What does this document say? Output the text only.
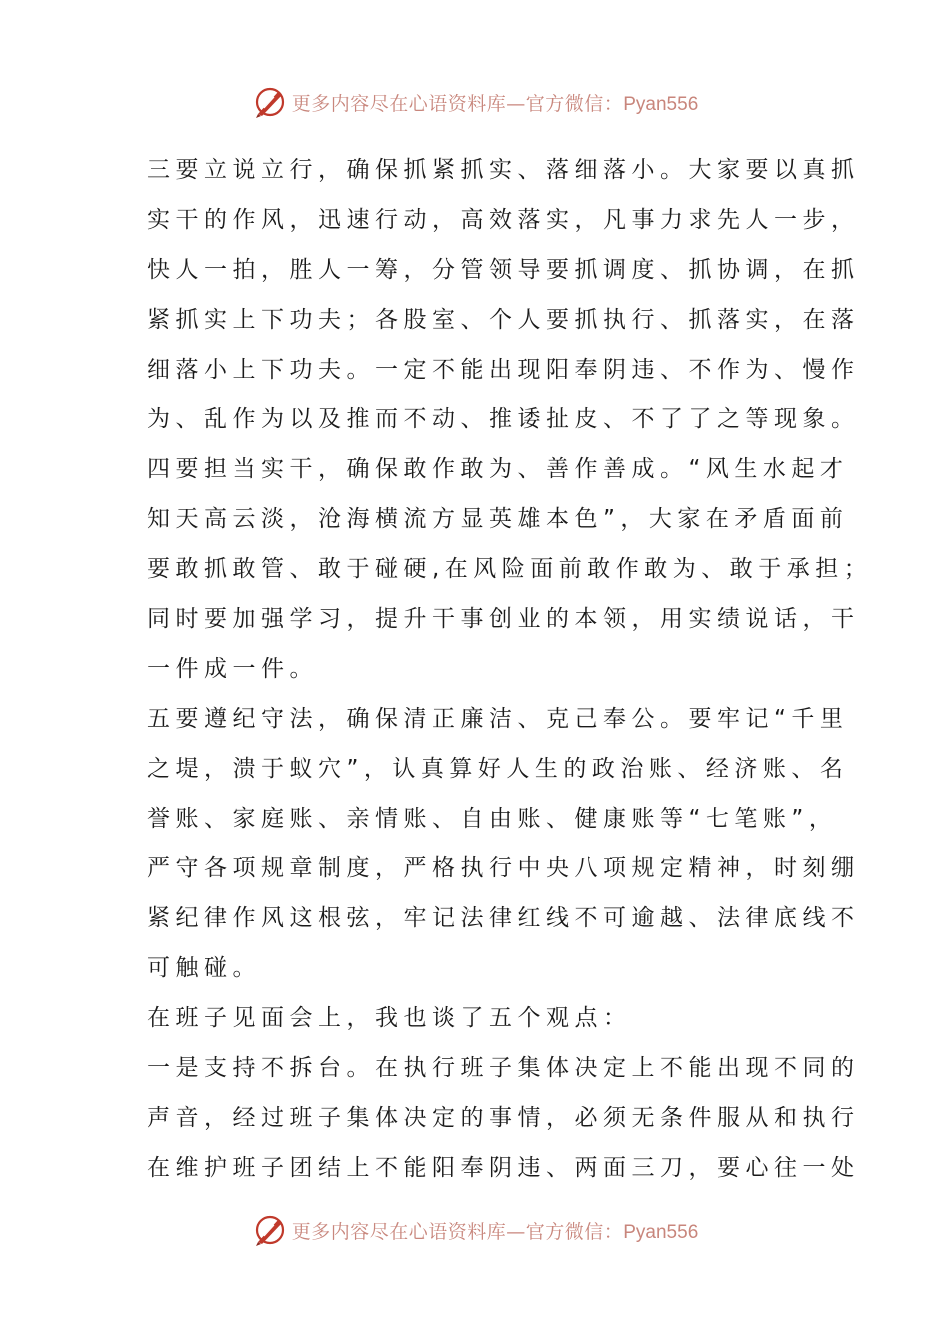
更多内容尽在心语资料库—官方微信：Pyan556
三要立说立行，确保抓紧抓实、落细落小。大家要以真抓
实干的作风，迅速行动，高效落实，凡事力求先人一步，
快人一拍，胜人一筹，分管领导要抓调度、抓协调，在抓
紧抓实上下功夫；各股室、个人要抓执行、抓落实，在落
细落小上下功夫。一定不能出现阳奉阴违、不作为、慢作
为、乱作为以及推而不动、推诿扯皮、不了了之等现象。
四要担当实干，确保敢作敢为、善作善成。“风生水起才
知天高云淡，沧海横流方显英雄本色”，大家在矛盾面前
要敢抓敢管、敢于碰硬,在风险面前敢作敢为、敢于承担；
同时要加强学习，提升干事创业的本领，用实绩说话，干
一件成一件。
五要遵纪守法，确保清正廉洁、克己奉公。要牢记“千里
之堤，溃于蚁穴”，认真算好人生的政治账、经济账、名
誉账、家庭账、亲情账、自由账、健康账等“七笔账”，
严守各项规章制度，严格执行中央八项规定精神，时刻绷
紧纪律作风这根弦，牢记法律红线不可逾越、法律底线不
可触碰。
在班子见面会上，我也谈了五个观点：
一是支持不拆台。在执行班子集体决定上不能出现不同的
声音，经过班子集体决定的事情，必须无条件服从和执行
在维护班子团结上不能阳奉阴违、两面三刀，要心往一处
更多内容尽在心语资料库—官方微信：Pyan556
